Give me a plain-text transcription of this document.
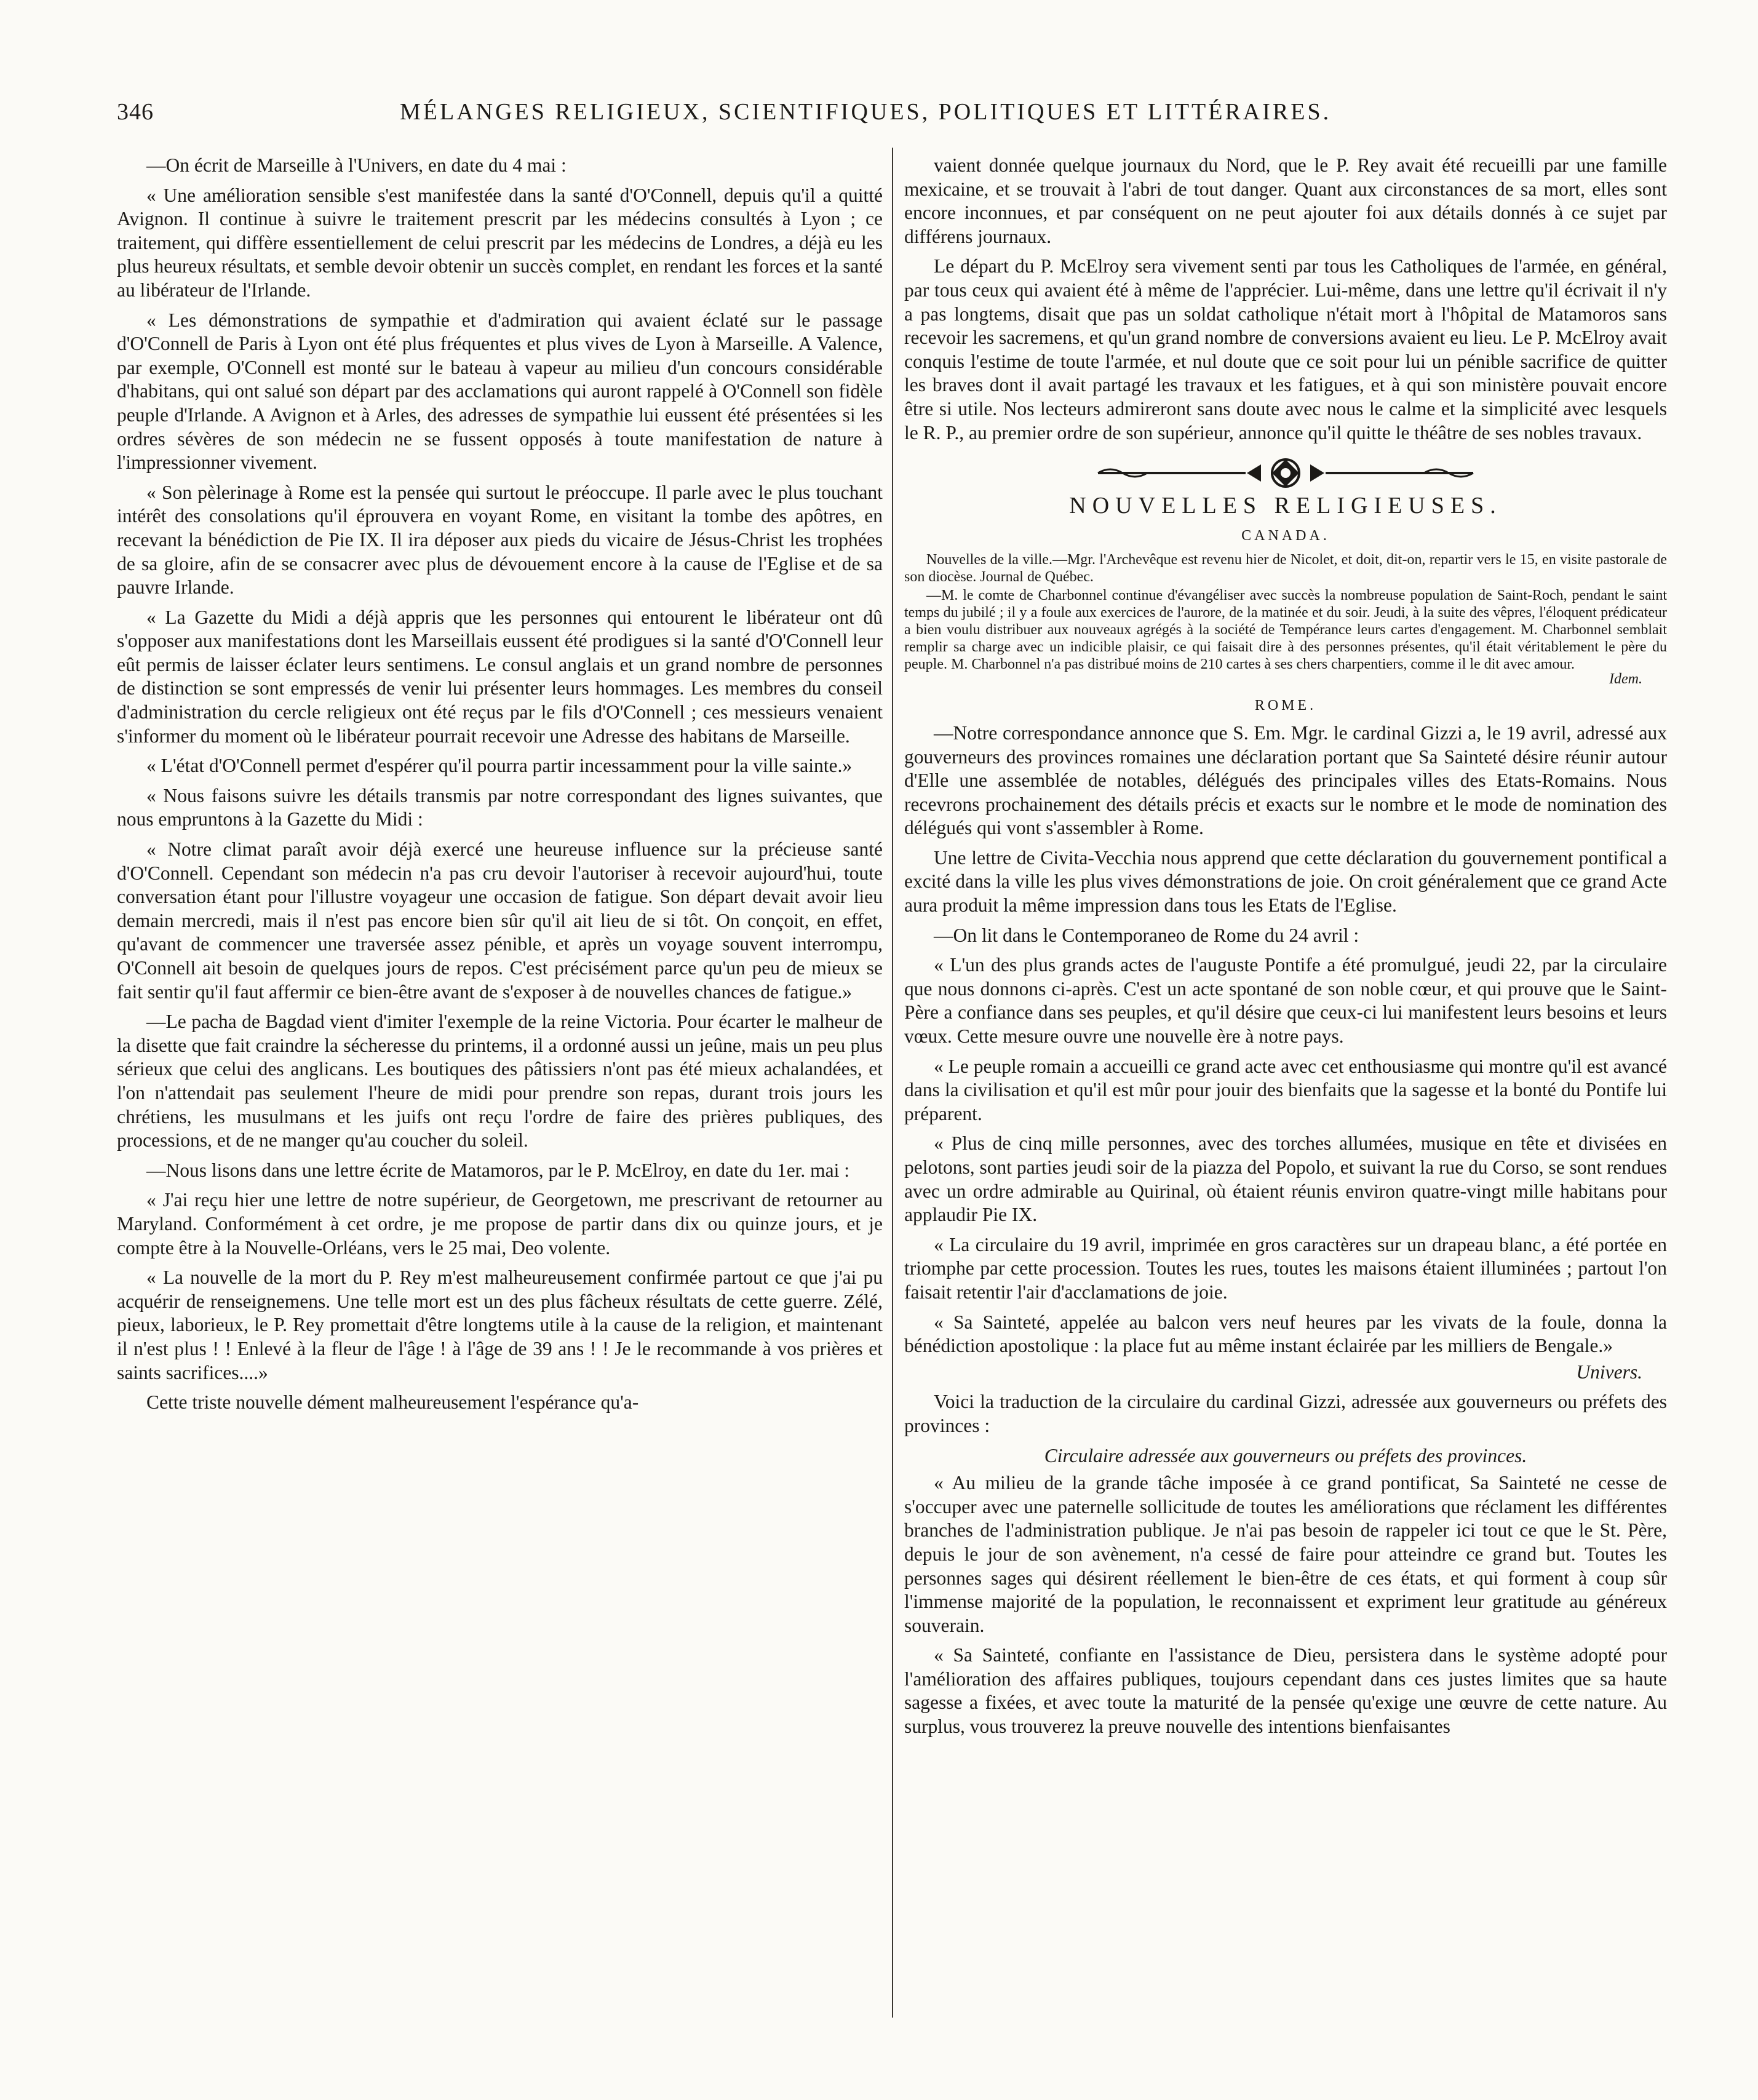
346	MÉLANGES RELIGIEUX, SCIENTIFIQUES, POLITIQUES ET LITTÉRAIRES.

—On écrit de Marseille à l'Univers, en date du 4 mai :

« Une amélioration sensible s'est manifestée dans la santé d'O'Connell, depuis qu'il a quitté Avignon. Il continue à suivre le traitement prescrit par les médecins consultés à Lyon ; ce traitement, qui diffère essentiellement de celui prescrit par les médecins de Londres, a déjà eu les plus heureux résultats, et semble devoir obtenir un succès complet, en rendant les forces et la santé au libérateur de l'Irlande.

« Les démonstrations de sympathie et d'admiration qui avaient éclaté sur le passage d'O'Connell de Paris à Lyon ont été plus fréquentes et plus vives de Lyon à Marseille. A Valence, par exemple, O'Connell est monté sur le bateau à vapeur au milieu d'un concours considérable d'habitans, qui ont salué son départ par des acclamations qui auront rappelé à O'Connell son fidèle peuple d'Irlande. A Avignon et à Arles, des adresses de sympathie lui eussent été présentées si les ordres sévères de son médecin ne se fussent opposés à toute manifestation de nature à l'impressionner vivement.

« Son pèlerinage à Rome est la pensée qui surtout le préoccupe. Il parle avec le plus touchant intérêt des consolations qu'il éprouvera en voyant Rome, en visitant la tombe des apôtres, en recevant la bénédiction de Pie IX. Il ira déposer aux pieds du vicaire de Jésus-Christ les trophées de sa gloire, afin de se consacrer avec plus de dévouement encore à la cause de l'Eglise et de sa pauvre Irlande.

« La Gazette du Midi a déjà appris que les personnes qui entourent le libérateur ont dû s'opposer aux manifestations dont les Marseillais eussent été prodigues si la santé d'O'Connell leur eût permis de laisser éclater leurs sentimens. Le consul anglais et un grand nombre de personnes de distinction se sont empressés de venir lui présenter leurs hommages. Les membres du conseil d'administration du cercle religieux ont été reçus par le fils d'O'Connell ; ces messieurs venaient s'informer du moment où le libérateur pourrait recevoir une Adresse des habitans de Marseille.

« L'état d'O'Connell permet d'espérer qu'il pourra partir incessamment pour la ville sainte.»

« Nous faisons suivre les détails transmis par notre correspondant des lignes suivantes, que nous empruntons à la Gazette du Midi :

« Notre climat paraît avoir déjà exercé une heureuse influence sur la précieuse santé d'O'Connell. Cependant son médecin n'a pas cru devoir l'autoriser à recevoir aujourd'hui, toute conversation étant pour l'illustre voyageur une occasion de fatigue. Son départ devait avoir lieu demain mercredi, mais il n'est pas encore bien sûr qu'il ait lieu de si tôt. On conçoit, en effet, qu'avant de commencer une traversée assez pénible, et après un voyage souvent interrompu, O'Connell ait besoin de quelques jours de repos. C'est précisément parce qu'un peu de mieux se fait sentir qu'il faut affermir ce bien-être avant de s'exposer à de nouvelles chances de fatigue.»

—Le pacha de Bagdad vient d'imiter l'exemple de la reine Victoria. Pour écarter le malheur de la disette que fait craindre la sécheresse du printems, il a ordonné aussi un jeûne, mais un peu plus sérieux que celui des anglicans. Les boutiques des pâtissiers n'ont pas été mieux achalandées, et l'on n'attendait pas seulement l'heure de midi pour prendre son repas, durant trois jours les chrétiens, les musulmans et les juifs ont reçu l'ordre de faire des prières publiques, des processions, et de ne manger qu'au coucher du soleil.

—Nous lisons dans une lettre écrite de Matamoros, par le P. McElroy, en date du 1er. mai :

« J'ai reçu hier une lettre de notre supérieur, de Georgetown, me prescrivant de retourner au Maryland. Conformément à cet ordre, je me propose de partir dans dix ou quinze jours, et je compte être à la Nouvelle-Orléans, vers le 25 mai, Deo volente.

« La nouvelle de la mort du P. Rey m'est malheureusement confirmée partout ce que j'ai pu acquérir de renseignemens. Une telle mort est un des plus fâcheux résultats de cette guerre. Zélé, pieux, laborieux, le P. Rey promettait d'être longtems utile à la cause de la religion, et maintenant il n'est plus ! ! Enlevé à la fleur de l'âge ! à l'âge de 39 ans ! ! Je le recommande à vos prières et saints sacrifices....»

Cette triste nouvelle dément malheureusement l'espérance qu'a-

vaient donnée quelque journaux du Nord, que le P. Rey avait été recueilli par une famille mexicaine, et se trouvait à l'abri de tout danger. Quant aux circonstances de sa mort, elles sont encore inconnues, et par conséquent on ne peut ajouter foi aux détails donnés à ce sujet par différens journaux.

Le départ du P. McElroy sera vivement senti par tous les Catholiques de l'armée, en général, par tous ceux qui avaient été à même de l'apprécier. Lui-même, dans une lettre qu'il écrivait il n'y a pas longtems, disait que pas un soldat catholique n'était mort à l'hôpital de Matamoros sans recevoir les sacremens, et qu'un grand nombre de conversions avaient eu lieu. Le P. McElroy avait conquis l'estime de toute l'armée, et nul doute que ce soit pour lui un pénible sacrifice de quitter les braves dont il avait partagé les travaux et les fatigues, et à qui son ministère pouvait encore être si utile. Nos lecteurs admireront sans doute avec nous le calme et la simplicité avec lesquels le R. P., au premier ordre de son supérieur, annonce qu'il quitte le théâtre de ses nobles travaux.

NOUVELLES RELIGIEUSES.
CANADA.

Nouvelles de la ville.—Mgr. l'Archevêque est revenu hier de Nicolet, et doit, dit-on, repartir vers le 15, en visite pastorale de son diocèse. Journal de Québec.

—M. le comte de Charbonnel continue d'évangéliser avec succès la nombreuse population de Saint-Roch, pendant le saint temps du jubilé ; il y a foule aux exercices de l'aurore, de la matinée et du soir. Jeudi, à la suite des vêpres, l'éloquent prédicateur a bien voulu distribuer aux nouveaux agrégés à la société de Tempérance leurs cartes d'engagement. M. Charbonnel semblait remplir sa charge avec un indicible plaisir, ce qui faisait dire à des personnes présentes, qu'il était véritablement le père du peuple. M. Charbonnel n'a pas distribué moins de 210 cartes à ses chers charpentiers, comme il le dit avec amour.

Idem.
ROME.

—Notre correspondance annonce que S. Em. Mgr. le cardinal Gizzi a, le 19 avril, adressé aux gouverneurs des provinces romaines une déclaration portant que Sa Sainteté désire réunir autour d'Elle une assemblée de notables, délégués des principales villes des Etats-Romains. Nous recevrons prochainement des détails précis et exacts sur le nombre et le mode de nomination des délégués qui vont s'assembler à Rome.

Une lettre de Civita-Vecchia nous apprend que cette déclaration du gouvernement pontifical a excité dans la ville les plus vives démonstrations de joie. On croit généralement que ce grand Acte aura produit la même impression dans tous les Etats de l'Eglise.

—On lit dans le Contemporaneo de Rome du 24 avril :

« L'un des plus grands actes de l'auguste Pontife a été promulgué, jeudi 22, par la circulaire que nous donnons ci-après. C'est un acte spontané de son noble cœur, et qui prouve que le Saint-Père a confiance dans ses peuples, et qu'il désire que ceux-ci lui manifestent leurs besoins et leurs vœux. Cette mesure ouvre une nouvelle ère à notre pays.

« Le peuple romain a accueilli ce grand acte avec cet enthousiasme qui montre qu'il est avancé dans la civilisation et qu'il est mûr pour jouir des bienfaits que la sagesse et la bonté du Pontife lui préparent.

« Plus de cinq mille personnes, avec des torches allumées, musique en tête et divisées en pelotons, sont parties jeudi soir de la piazza del Popolo, et suivant la rue du Corso, se sont rendues avec un ordre admirable au Quirinal, où étaient réunis environ quatre-vingt mille habitans pour applaudir Pie IX.

« La circulaire du 19 avril, imprimée en gros caractères sur un drapeau blanc, a été portée en triomphe par cette procession. Toutes les rues, toutes les maisons étaient illuminées ; partout l'on faisait retentir l'air d'acclamations de joie.

« Sa Sainteté, appelée au balcon vers neuf heures par les vivats de la foule, donna la bénédiction apostolique : la place fut au même instant éclairée par les milliers de Bengale.»

Univers.

Voici la traduction de la circulaire du cardinal Gizzi, adressée aux gouverneurs ou préfets des provinces :

Circulaire adressée aux gouverneurs ou préfets des provinces.

« Au milieu de la grande tâche imposée à ce grand pontificat, Sa Sainteté ne cesse de s'occuper avec une paternelle sollicitude de toutes les améliorations que réclament les différentes branches de l'administration publique. Je n'ai pas besoin de rappeler ici tout ce que le St. Père, depuis le jour de son avènement, n'a cessé de faire pour atteindre ce grand but. Toutes les personnes sages qui désirent réellement le bien-être de ces états, et qui forment à coup sûr l'immense majorité de la population, le reconnaissent et expriment leur gratitude au généreux souverain.

« Sa Sainteté, confiante en l'assistance de Dieu, persistera dans le système adopté pour l'amélioration des affaires publiques, toujours cependant dans ces justes limites que sa haute sagesse a fixées, et avec toute la maturité de la pensée qu'exige une œuvre de cette nature. Au surplus, vous trouverez la preuve nouvelle des intentions bienfaisantes
